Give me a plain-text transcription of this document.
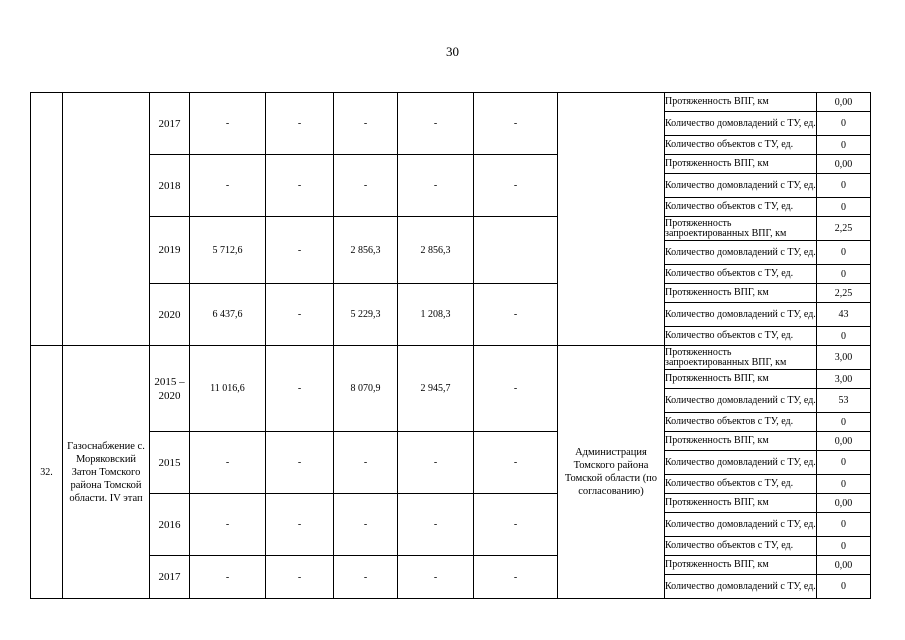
30

		2017	-	-	-	-	-		Протяженность ВПГ, км	0,00
									Количество домовладений с ТУ, ед.	0
									Количество объектов с ТУ, ед.	0

		2018	-	-	-	-	-		Протяженность ВПГ, км	0,00
									Количество домовладений с ТУ, ед.	0
									Количество объектов с ТУ, ед.	0

		2019	5 712,6	-	2 856,3	2 856,3			Протяженность запроектированных ВПГ, км	2,25
									Количество домовладений с ТУ, ед.	0
									Количество объектов с ТУ, ед.	0

		2020	6 437,6	-	5 229,3	1 208,3	-		Протяженность ВПГ, км	2,25
									Количество домовладений с ТУ, ед.	43
									Количество объектов с ТУ, ед.	0
32.	Газоснабжение с. Моряковский Затон Томского района Томской области. IV этап	2015 – 2020	11 016,6	-	8 070,9	2 945,7	-	Администрация Томского района Томской области (по согласованию)	Протяженность запроектированных ВПГ, км	3,00
									Протяженность ВПГ, км	3,00
									Количество домовладений с ТУ, ед.	53
									Количество объектов с ТУ, ед.	0

		2015	-	-	-	-	-		Протяженность ВПГ, км	0,00
									Количество домовладений с ТУ, ед.	0
									Количество объектов с ТУ, ед.	0

		2016	-	-	-	-	-		Протяженность ВПГ, км	0,00
									Количество домовладений с ТУ, ед.	0
									Количество объектов с ТУ, ед.	0

		2017	-	-	-	-	-		Протяженность ВПГ, км	0,00
									Количество домовладений с ТУ, ед.	0
